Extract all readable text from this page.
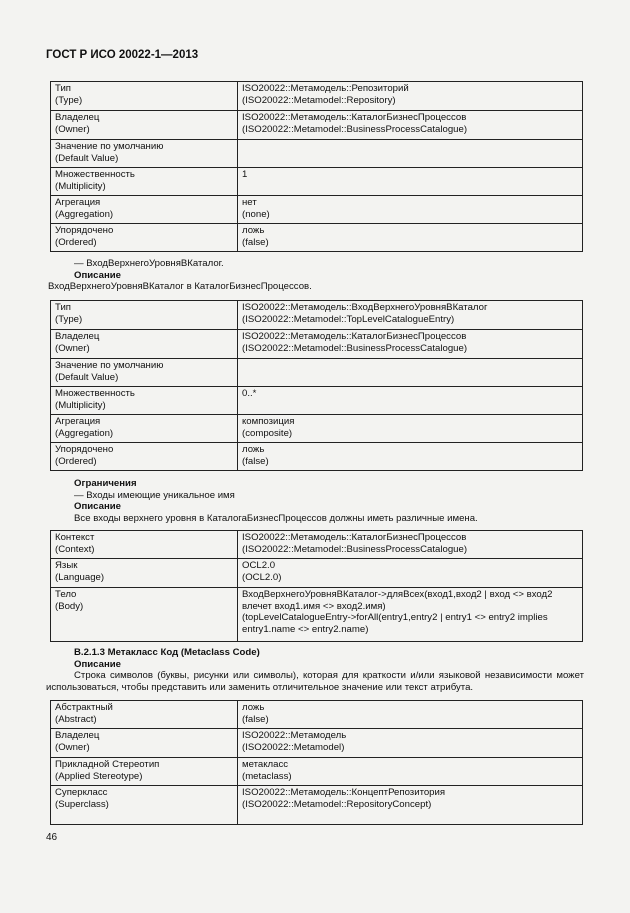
ГОСТ Р ИСО 20022-1—2013
Тип
(Type)	ISO20022::Метамодель::Репозиторий
(ISO20022::Metamodel::Repository)

Владелец
(Owner)	ISO20022::Метамодель::КаталогБизнесПроцессов
(ISO20022::Metamodel::BusinessProcessCatalogue)

Значение по умолчанию
(Default Value)	

Множественность
(Multiplicity)	1

Агрегация
(Aggregation)	нет
(none)

Упорядочено
(Ordered)	ложь
(false)
— ВходВерхнегоУровняВКаталог.
Описание
ВходВерхнегоУровняВКаталог в КаталогБизнесПроцессов.
Тип
(Type)	ISO20022::Метамодель::ВходВерхнегоУровняВКаталог
(ISO20022::Metamodel::TopLevelCatalogueEntry)

Владелец
(Owner)	ISO20022::Метамодель::КаталогБизнесПроцессов
(ISO20022::Metamodel::BusinessProcessCatalogue)

Значение по умолчанию
(Default Value)	

Множественность
(Multiplicity)	0..*

Агрегация
(Aggregation)	композиция
(composite)

Упорядочено
(Ordered)	ложь
(false)
Ограничения
— Входы имеющие уникальное имя
Описание
Все входы верхнего уровня в КаталогаБизнесПроцессов должны иметь различные имена.
Контекст
(Context)	ISO20022::Метамодель::КаталогБизнесПроцессов
(ISO20022::Metamodel::BusinessProcessCatalogue)

Язык
(Language)	OCL2.0
(OCL2.0)

Тело
(Body)	ВходВерхнегоУровняВКаталог->дляВсех(вход1,вход2 | вход <> вход2
влечет вход1.имя <> вход2.имя)
(topLevelCatalogueEntry->forAll(entry1,entry2 | entry1 <> entry2 implies
entry1.name <> entry2.name)
В.2.1.3 Метакласс Код (Metaclass Code)
Описание
Строка символов (буквы, рисунки или символы), которая для краткости и/или языковой независимости может использоваться, чтобы представить или заменить отличительное значение или текст атрибута.
Абстрактный
(Abstract)	ложь
(false)

Владелец
(Owner)	ISO20022::Метамодель
(ISO20022::Metamodel)

Прикладной Стереотип
(Applied Stereotype)	метакласс
(metaclass)

Суперкласс
(Superclass)	ISO20022::Метамодель::КонцептРепозитория
(ISO20022::Metamodel::RepositoryConcept)
46
